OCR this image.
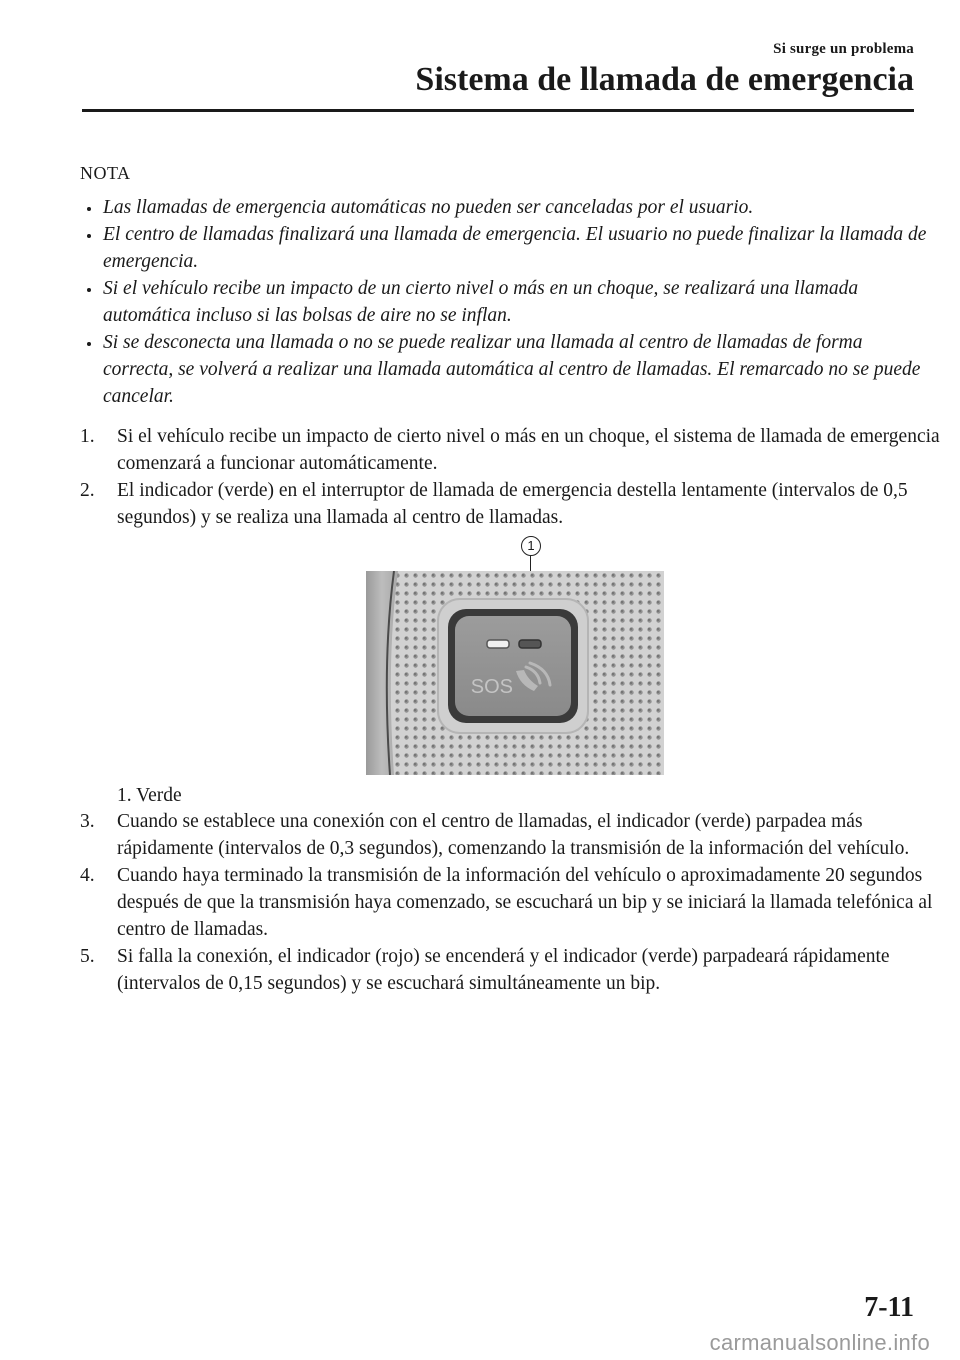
Si surge un problema
Sistema de llamada de emergencia
NOTA
Las llamadas de emergencia automáticas no pueden ser canceladas por el usuario.
El centro de llamadas finalizará una llamada de emergencia. El usuario no puede finalizar la llamada de emergencia.
Si el vehículo recibe un impacto de un cierto nivel o más en un choque, se realizará una llamada automática incluso si las bolsas de aire no se inflan.
Si se desconecta una llamada o no se puede realizar una llamada al centro de llamadas de forma correcta, se volverá a realizar una llamada automática al centro de llamadas. El remarcado no se puede cancelar.
1. Si el vehículo recibe un impacto de cierto nivel o más en un choque, el sistema de llamada de emergencia comenzará a funcionar automáticamente.
2. El indicador (verde) en el interruptor de llamada de emergencia destella lentamente (intervalos de 0,5 segundos) y se realiza una llamada al centro de llamadas.
1
SOS
1. Verde
3. Cuando se establece una conexión con el centro de llamadas, el indicador (verde) parpadea más rápidamente (intervalos de 0,3 segundos), comenzando la transmisión de la información del vehículo.
4. Cuando haya terminado la transmisión de la información del vehículo o aproximadamente 20 segundos después de que la transmisión haya comenzado, se escuchará un bip y se iniciará la llamada telefónica al centro de llamadas.
5. Si falla la conexión, el indicador (rojo) se encenderá y el indicador (verde) parpadeará rápidamente (intervalos de 0,15 segundos) y se escuchará simultáneamente un bip.
7-11
carmanualsonline.info
